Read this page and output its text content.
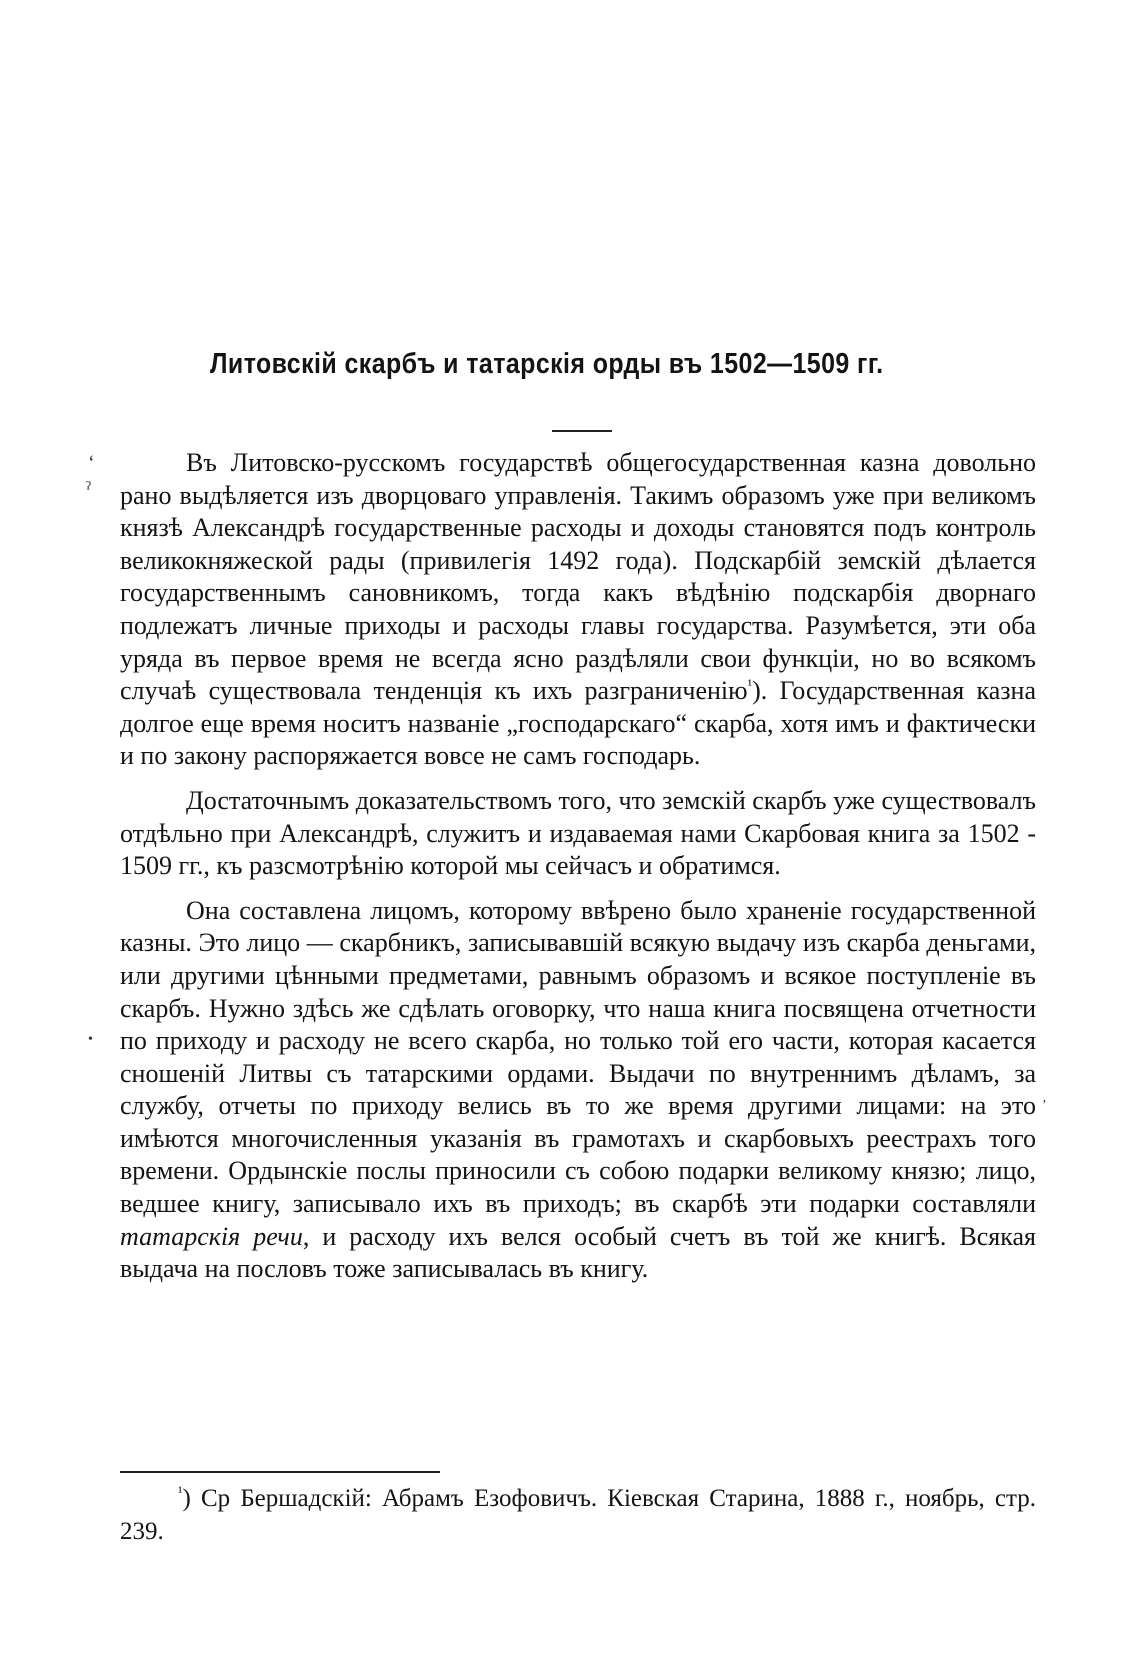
Литовскій скарбъ и татарскія орды въ 1502—1509 гг.
ʻ
ˀ
•
ʼ

Въ Литовско-русскомъ государствѣ общегосударственная казна довольно рано выдѣляется изъ дворцоваго управленія. Такимъ образомъ уже при великомъ князѣ Александрѣ государственные расходы и доходы становятся подъ контроль великокняжеской рады (привилегія 1492 года). Подскарбій земскій дѣлается государственнымъ сановникомъ, тогда какъ вѣдѣнію подскарбія дворнаго подлежатъ личные приходы и расходы главы государства. Разумѣется, эти оба уряда въ первое время не всегда ясно раздѣляли свои функціи, но во всякомъ случаѣ существовала тенденція къ ихъ разграниченію$^{^1}$). Государственная казна долгое еще время носитъ названіе „господарскаго“ скарба, хотя имъ и фактически и по закону распоряжается вовсе не самъ господарь.

Достаточнымъ доказательствомъ того, что земскій скарбъ уже существовалъ отдѣльно при Александрѣ, служитъ и издаваемая нами Скарбовая книга за 1502 - 1509 гг., къ разсмотрѣнію которой мы сейчасъ и обратимся.

Она составлена лицомъ, которому ввѣрено было храненіе государственной казны. Это лицо — скарбникъ, записывавшій всякую выдачу изъ скарба деньгами, или другими цѣнными предметами, равнымъ образомъ и всякое поступленіе въ скарбъ. Нужно здѣсь же сдѣлать оговорку, что наша книга посвящена отчетности по приходу и расходу не всего скарба, но только той его части, которая касается сношеній Литвы съ татарскими ордами. Выдачи по внутреннимъ дѣламъ, за службу, отчеты по приходу велись въ то же время другими лицами: на это имѣются многочисленныя указанія въ грамотахъ и скарбовыхъ реестрахъ того времени. Ордынскіе послы приносили съ собою подарки великому князю; лицо, ведшее книгу, записывало ихъ въ приходъ; въ скарбѣ эти подарки составляли татарскія речи, и расходу ихъ велся особый счетъ въ той же книгѣ. Всякая выдача на пословъ тоже записывалась въ книгу.

$^{^1}$) Ср Бершадскій: Абрамъ Езофовичъ. Кіевская Старина, 1888 г., ноябрь, стр. 239.
